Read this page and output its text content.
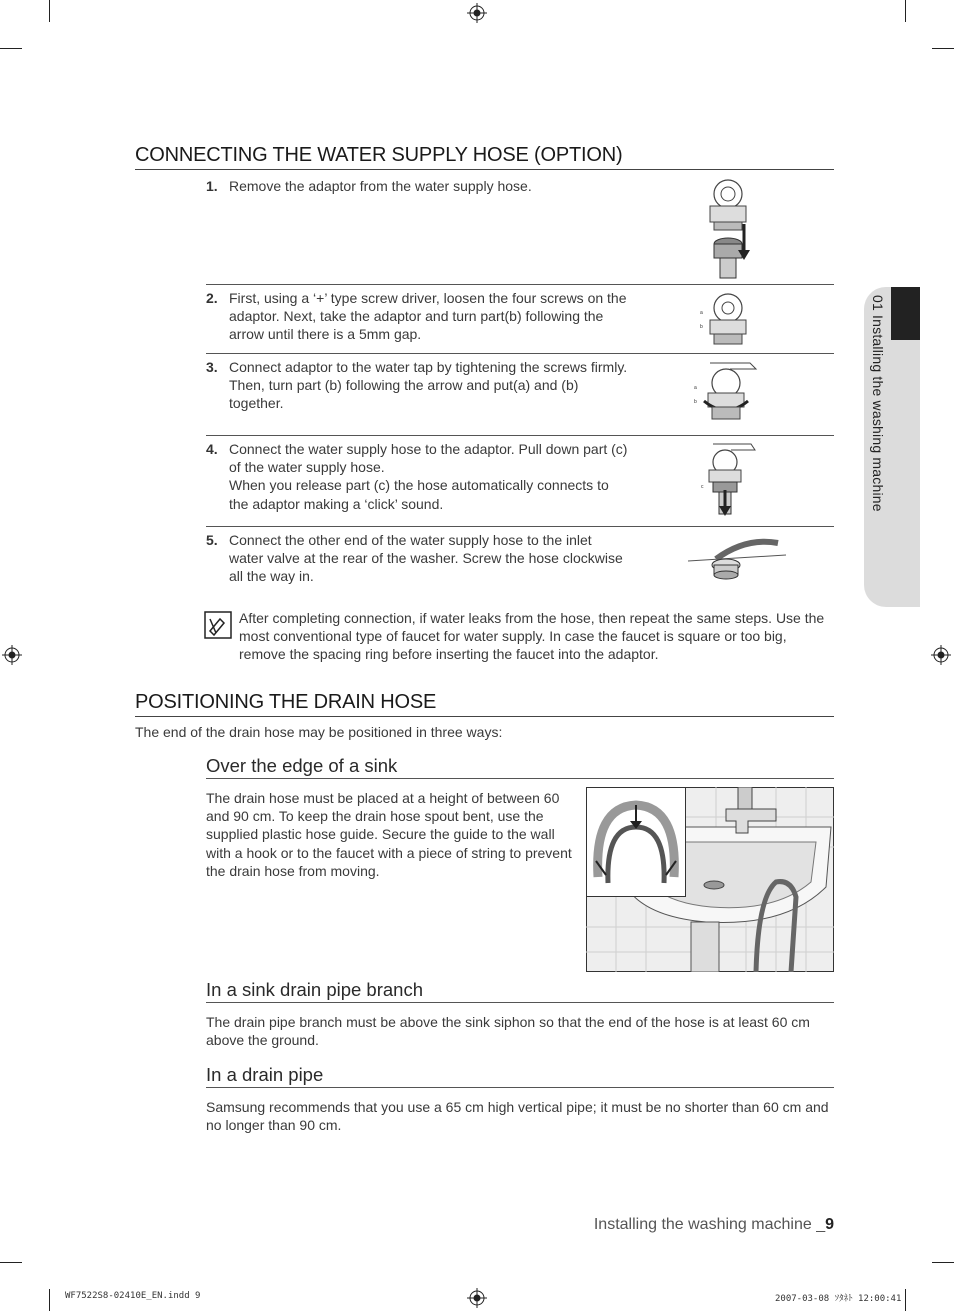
CONNECTING THE WATER SUPPLY HOSE (OPTION)
1. Remove the adaptor from the water supply hose.
2. First, using a ‘+’ type screw driver, loosen the four screws on the adaptor. Next, take the adaptor and turn part(b) following the arrow until there is a 5mm gap.
a
b
3. Connect adaptor to the water tap by tightening the screws firmly.
Then, turn part (b) following the arrow and put(a) and (b) together.
a
b
4. Connect the water supply hose to the adaptor. Pull down part (c) of the water supply hose.
When you release part (c) the hose automatically connects to the adaptor making a ‘click’ sound.
c
5. Connect the other end of the water supply hose to the inlet water valve at the rear of the washer. Screw the hose clockwise all the way in.
After completing connection, if water leaks from the hose, then repeat the same steps. Use the most conventional type of faucet for water supply. In case the faucet is square or too big, remove the spacing ring before inserting the faucet into the adaptor.
POSITIONING THE DRAIN HOSE
The end of the drain hose may be positioned in three ways:
Over the edge of a sink
The drain hose must be placed at a height of between 60 and 90 cm. To keep the drain hose spout bent, use the supplied plastic hose guide. Secure the guide to the wall with a hook or to the faucet with a piece of string to prevent the drain hose from moving.
In a sink drain pipe branch
The drain pipe branch must be above the sink siphon so that the end of the hose is at least 60 cm above the ground.
In a drain pipe
Samsung recommends that you use a 65 cm high vertical pipe; it must be no shorter than 60 cm and no longer than 90 cm.
01 Installing the washing machine
Installing the washing machine _9
WF7522S8-02410E_EN.indd 9	2007-03-08 ｿﾀﾈﾄ 12:00:41
